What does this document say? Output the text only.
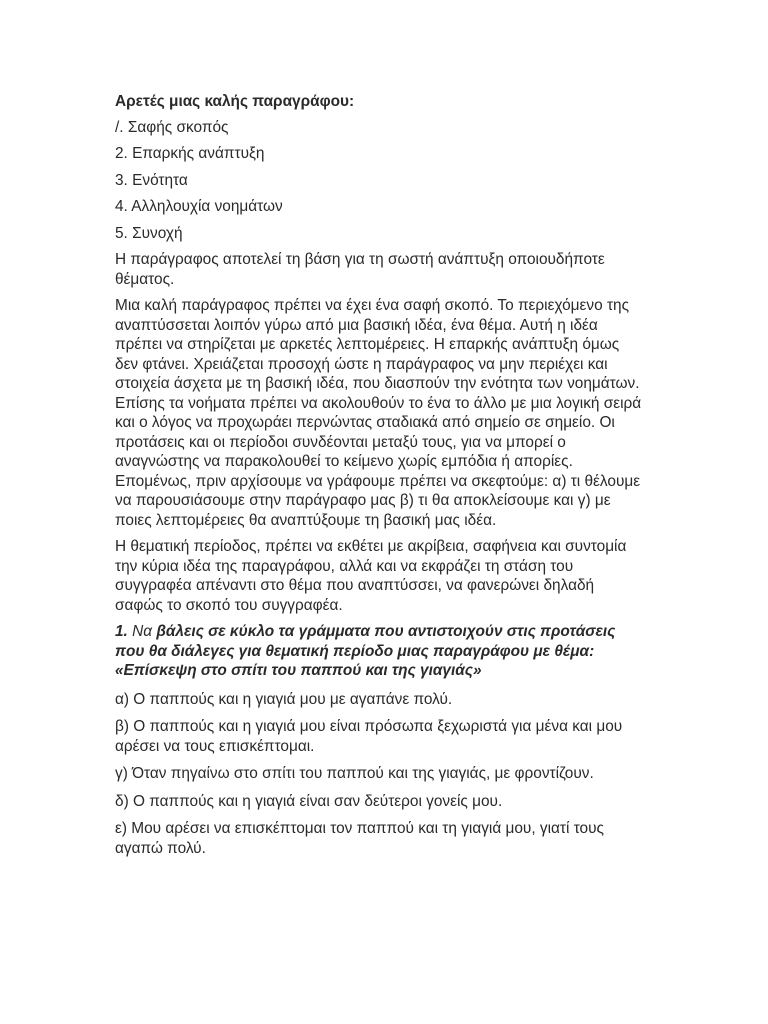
Αρετές μιας καλής παραγράφου:

/. Σαφής σκοπός

2. Επαρκής ανάπτυξη

3. Ενότητα

4. Αλληλουχία νοημάτων

5. Συνοχή

Η παράγραφος αποτελεί τη βάση για τη σωστή ανάπτυξη οποιουδήποτε θέματος.

Μια καλή παράγραφος πρέπει να έχει ένα σαφή σκοπό. Το περιεχόμενο της αναπτύσσεται λοιπόν γύρω από μια βασική ιδέα, ένα θέμα. Αυτή η ιδέα πρέπει να στηρίζεται με αρκετές λεπτομέρειες. Η επαρκής ανάπτυξη όμως δεν φτάνει. Χρειάζεται προσοχή ώστε η παράγραφος να μην περιέχει και στοιχεία άσχετα με τη βασική ιδέα, που διασπούν την ενότητα των νοημάτων. Επίσης τα νοήματα πρέπει να ακολουθούν το ένα το άλλο με μια λογική σειρά και ο λόγος να προχωράει περνώντας σταδιακά από σημείο σε σημείο. Οι προτάσεις και οι περίοδοι συνδέονται μεταξύ τους, για να μπορεί ο αναγνώστης να παρακολουθεί το κείμενο χωρίς εμπόδια ή απορίες. Επομένως, πριν αρχίσουμε να γράφουμε πρέπει να σκεφτούμε: α) τι θέλουμε να παρουσιάσουμε στην παράγραφο μας β) τι θα αποκλείσουμε και γ) με ποιες λεπτομέρειες θα αναπτύξουμε τη βασική μας ιδέα.

Η θεματική περίοδος, πρέπει να εκθέτει με ακρίβεια, σαφήνεια και συντομία την κύρια ιδέα της παραγράφου, αλλά και να εκφράζει τη στάση του συγγραφέα απέναντι στο θέμα που αναπτύσσει, να φανερώνει δηλαδή σαφώς το σκοπό του συγγραφέα.

1. Να βάλεις σε κύκλο τα γράμματα που αντιστοιχούν στις προτάσεις που θα διάλεγες για θεματική περίοδο μιας παραγράφου με θέμα: «Επίσκεψη στο σπίτι του παππού και της γιαγιάς»

α) Ο παππούς και η γιαγιά μου με αγαπάνε πολύ.

β) Ο παππούς και η γιαγιά μου είναι πρόσωπα ξεχωριστά για μένα και μου αρέσει να τους επισκέπτομαι.

γ) Όταν πηγαίνω στο σπίτι του παππού και της γιαγιάς, με φροντίζουν.

δ) Ο παππούς και η γιαγιά είναι σαν δεύτεροι γονείς μου.

ε) Μου αρέσει να επισκέπτομαι τον παππού και τη γιαγιά μου, γιατί τους αγαπώ πολύ.
